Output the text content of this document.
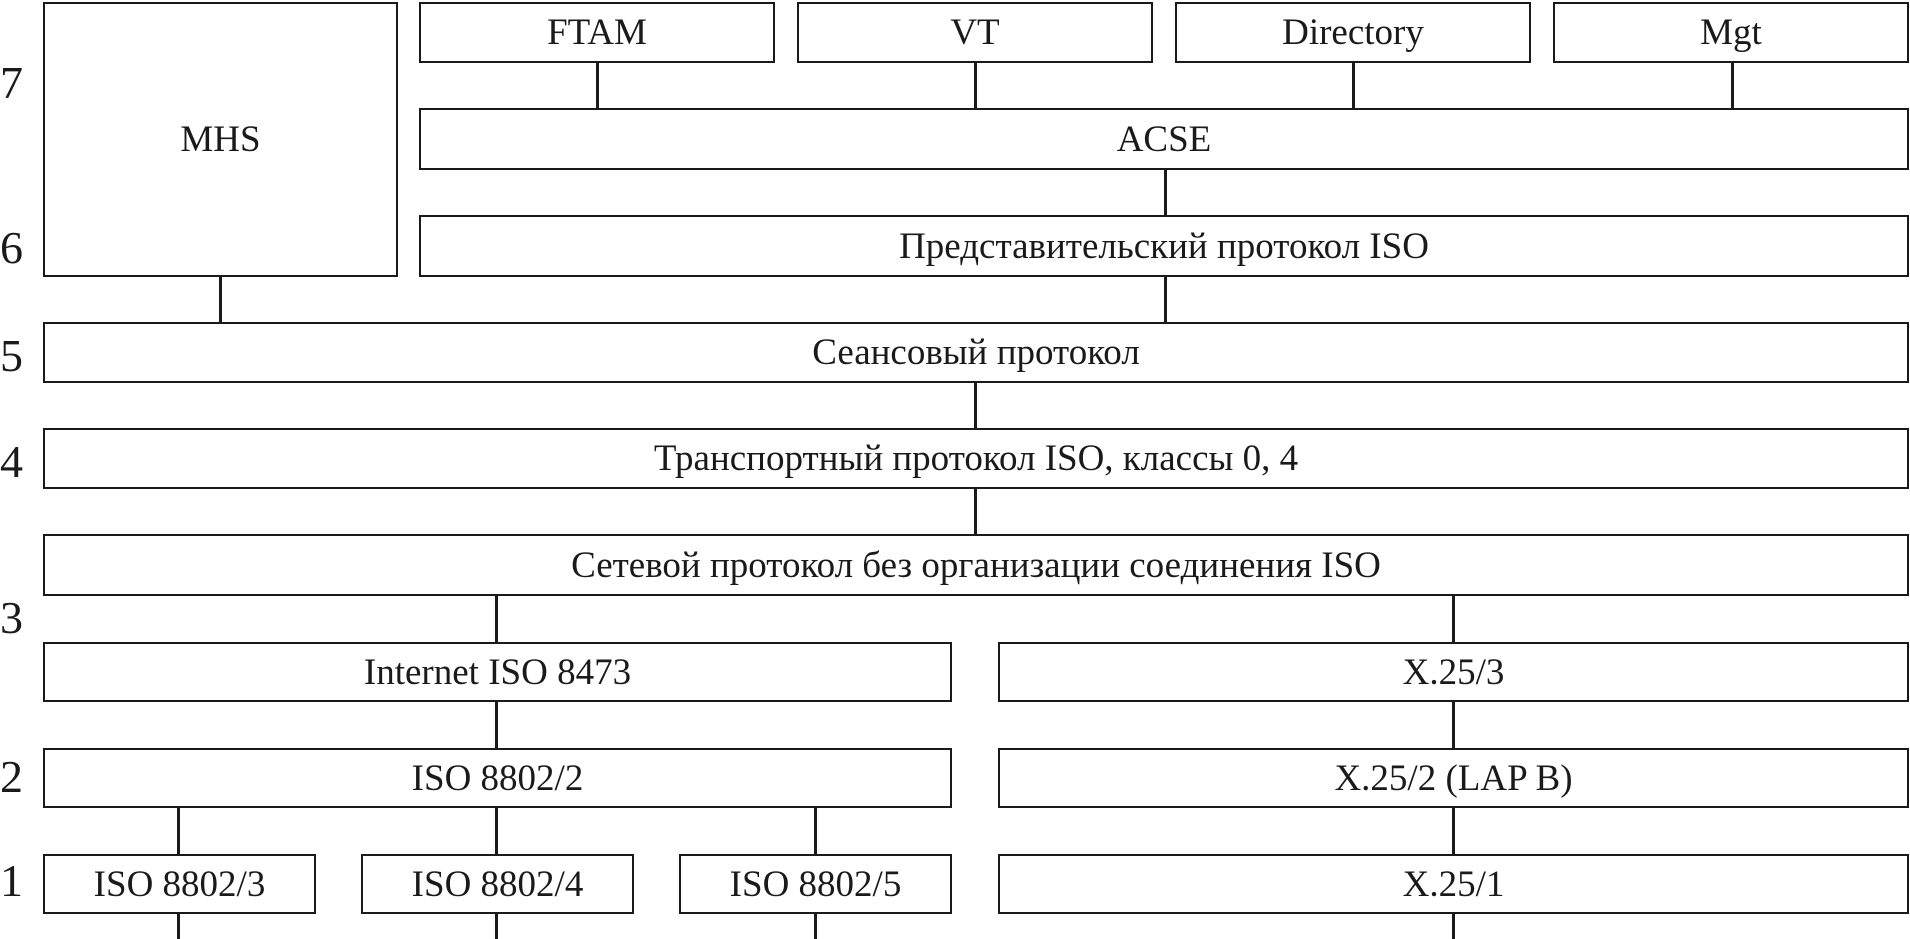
7
6
5
4
3
2
1
MHS
FTAM	VT	Directory	Mgt
ACSE
Представительский протокол ISO
Сеансовый протокол
Транспортный протокол ISO, классы 0, 4
Сетевой протокол без организации соединения ISO
Internet ISO 8473	X.25/3
ISO 8802/2	X.25/2 (LAP B)
ISO 8802/3	ISO 8802/4	ISO 8802/5	X.25/1
